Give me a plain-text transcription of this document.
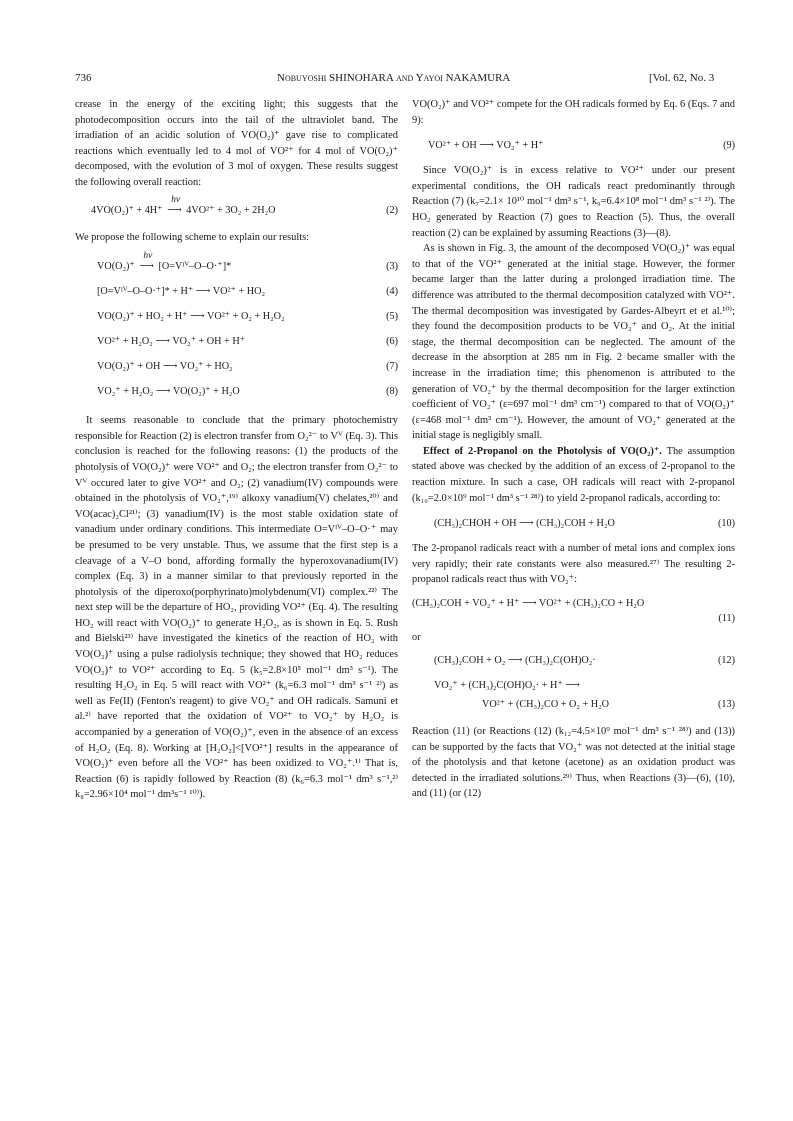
736	Nobuyoshi SHINOHARA and Yayoi NAKAMURA	[Vol. 62, No. 3

crease in the energy of the exciting light; this suggests that the photodecomposition occurs into the tail of the ultraviolet band. The irradiation of an acidic solution of VO(O₂)⁺ gave rise to complicated reactions which eventually led to 4 mol of VO²⁺ for 4 mol of VO(O₂)⁺ decomposed, with the evolution of 3 mol of oxygen. These results suggest the following overall reaction:

4VO(O₂)⁺ + 4H⁺
hν
⟶ 4VO²⁺ + 3O₂ + 2H₂O	(2)

We propose the following scheme to explain our results:

VO(O₂)⁺
hν
⟶ [O=Vᴵⱽ–O–O·⁺]*	(3)
[O=Vᴵⱽ–O–O·⁺]* + H⁺ ⟶ VO²⁺ + HO₂	(4)
VO(O₂)⁺ + HO₂ + H⁺ ⟶ VO²⁺ + O₂ + H₂O₂	(5)
VO²⁺ + H₂O₂ ⟶ VO₂⁺ + OH + H⁺	(6)
VO(O₂)⁺ + OH ⟶ VO₂⁺ + HO₂	(7)
VO₂⁺ + H₂O₂ ⟶ VO(O₂)⁺ + H₂O	(8)

It seems reasonable to conclude that the primary photochemistry responsible for Reaction (2) is electron transfer from O₂²⁻ to Vⱽ (Eq. 3). This conclusion is reached for the following reasons: (1) the products of the photolysis of VO(O₂)⁺ were VO²⁺ and O₂; the electron transfer from O₂²⁻ to Vⱽ occured later to give VO²⁺ and O₂; (2) vanadium(IV) compounds were obtained in the photolysis of VO₂⁺,¹⁹⁾ alkoxy vanadium(V) chelates,²⁰⁾ and VO(acac)₂Cl²¹⁾; (3) vanadium(IV) is the most stable oxidation state of vanadium under ordinary conditions. This intermediate O=Vᴵⱽ–O–O·⁺ may be presumed to be very unstable. Thus, we assume that the first step is a cleavage of a V–O bond, affording formally the hyperoxovanadium(IV) complex (Eq. 3) in a manner similar to that previously reported in the photolysis of the diperoxo(porphyrinato)molybdenum(VI) complex.²²⁾ The next step will be the departure of HO₂, providing VO²⁺ (Eq. 4). The resulting HO₂ will react with VO(O₂)⁺ to generate H₂O₂, as is shown in Eq. 5. Rush and Bielski²³⁾ have investigated the kinetics of the reaction of HO₂ with VO(O₂)⁺ using a pulse radiolysis technique; they showed that HO₂ reduces VO(O₂)⁺ to VO²⁺ according to Eq. 5 (k₅=2.8×10⁵ mol⁻¹ dm³ s⁻¹). The resulting H₂O₂ in Eq. 5 will react with VO²⁺ (k₆=6.3 mol⁻¹ dm³ s⁻¹ ²⁾) as well as Fe(II) (Fenton's reagent) to give VO₂⁺ and OH radicals. Samuni et al.²⁾ have reported that the oxidation of VO²⁺ to VO₂⁺ by H₂O₂ is accompanied by a generation of VO(O₂)⁺, even in the absence of an excess of H₂O₂ (Eq. 8). Working at [H₂O₂]<[VO²⁺] results in the appearance of VO(O₂)⁺ even before all the VO²⁺ has been oxidized to VO₂⁺.¹⁾ That is, Reaction (6) is rapidly followed by Reaction (8) (k₆=6.3 mol⁻¹ dm³ s⁻¹,²⁾ k₈=2.96×10⁴ mol⁻¹ dm³s⁻¹ ¹⁰⁾).

VO(O₂)⁺ and VO²⁺ compete for the OH radicals formed by Eq. 6 (Eqs. 7 and 9):

VO²⁺ + OH ⟶ VO₂⁺ + H⁺	(9)

Since VO(O₂)⁺ is in excess relative to VO²⁺ under our present experimental conditions, the OH radicals react predominantly through Reaction (7) (k₇=2.1× 10¹⁰ mol⁻¹ dm³ s⁻¹, k₉=6.4×10⁸ mol⁻¹ dm³ s⁻¹ ²⁾). The HO₂ generated by Reaction (7) goes to Reaction (5). Thus, the overall reaction (2) can be explained by assuming Reactions (3)—(8).

As is shown in Fig. 3, the amount of the decomposed VO(O₂)⁺ was equal to that of the VO²⁺ generated at the initial stage. However, the former became larger than the latter during a prolonged irradiation time. The difference was attributed to the thermal decomposition catalyzed with VO²⁺. The thermal decomposition was investigated by Gardes-Albeyrt et et al.¹⁰⁾; they found the decomposition products to be VO₂⁺ and O₂. At the initial stage, the thermal decomposition can be neglected. The amount of the decrease in the absorption at 285 nm in Fig. 2 became smaller with the increase in the irradiation time; this phenomenon is attributed to the generation of VO₂⁺ by the thermal decomposition for the larger extinction coefficient of VO₂⁺ (ε=697 mol⁻¹ dm³ cm⁻¹) compared to that of VO(O₂)⁺ (ε=468 mol⁻¹ dm³ cm⁻¹). However, the amount of VO₂⁺ generated at the initial stage is negligibly small.

Effect of 2-Propanol on the Photolysis of VO(O₂)⁺. The assumption stated above was checked by the addition of an excess of 2-propanol to the reaction mixture. In such a case, OH radicals will react with 2-propanol (k₁₀=2.0×10⁹ mol⁻¹ dm³ s⁻¹ ²⁸⁾) to yield 2-propanol radicals, according to:

(CH₃)₂CHOH + OH ⟶ (CH₃)₂COH + H₂O	(10)

The 2-propanol radicals react with a number of metal ions and complex ions very rapidly; their rate constants were also measured.²⁷⁾ The resulting 2-propanol radicals react thus with VO₂⁺:

(CH₃)₂COH + VO₂⁺ + H⁺ ⟶ VO²⁺ + (CH₃)₂CO + H₂O
(11)
or
(CH₃)₂COH + O₂ ⟶ (CH₃)₂C(OH)O₂·	(12)
VO₂⁺ + (CH₃)₂C(OH)O₂· + H⁺ ⟶
VO²⁺ + (CH₃)₂CO + O₂ + H₂O	(13)

Reaction (11) (or Reactions (12) (k₁₂=4.5×10⁹ mol⁻¹ dm³ s⁻¹ ²⁸⁾) and (13)) can be supported by the facts that VO₂⁺ was not detected at the initial stage of the photolysis and that ketone (acetone) as an oxidation product was detected in the irradiated solutions.²⁹⁾ Thus, when Reactions (3)—(6), (10), and (11) (or (12)
